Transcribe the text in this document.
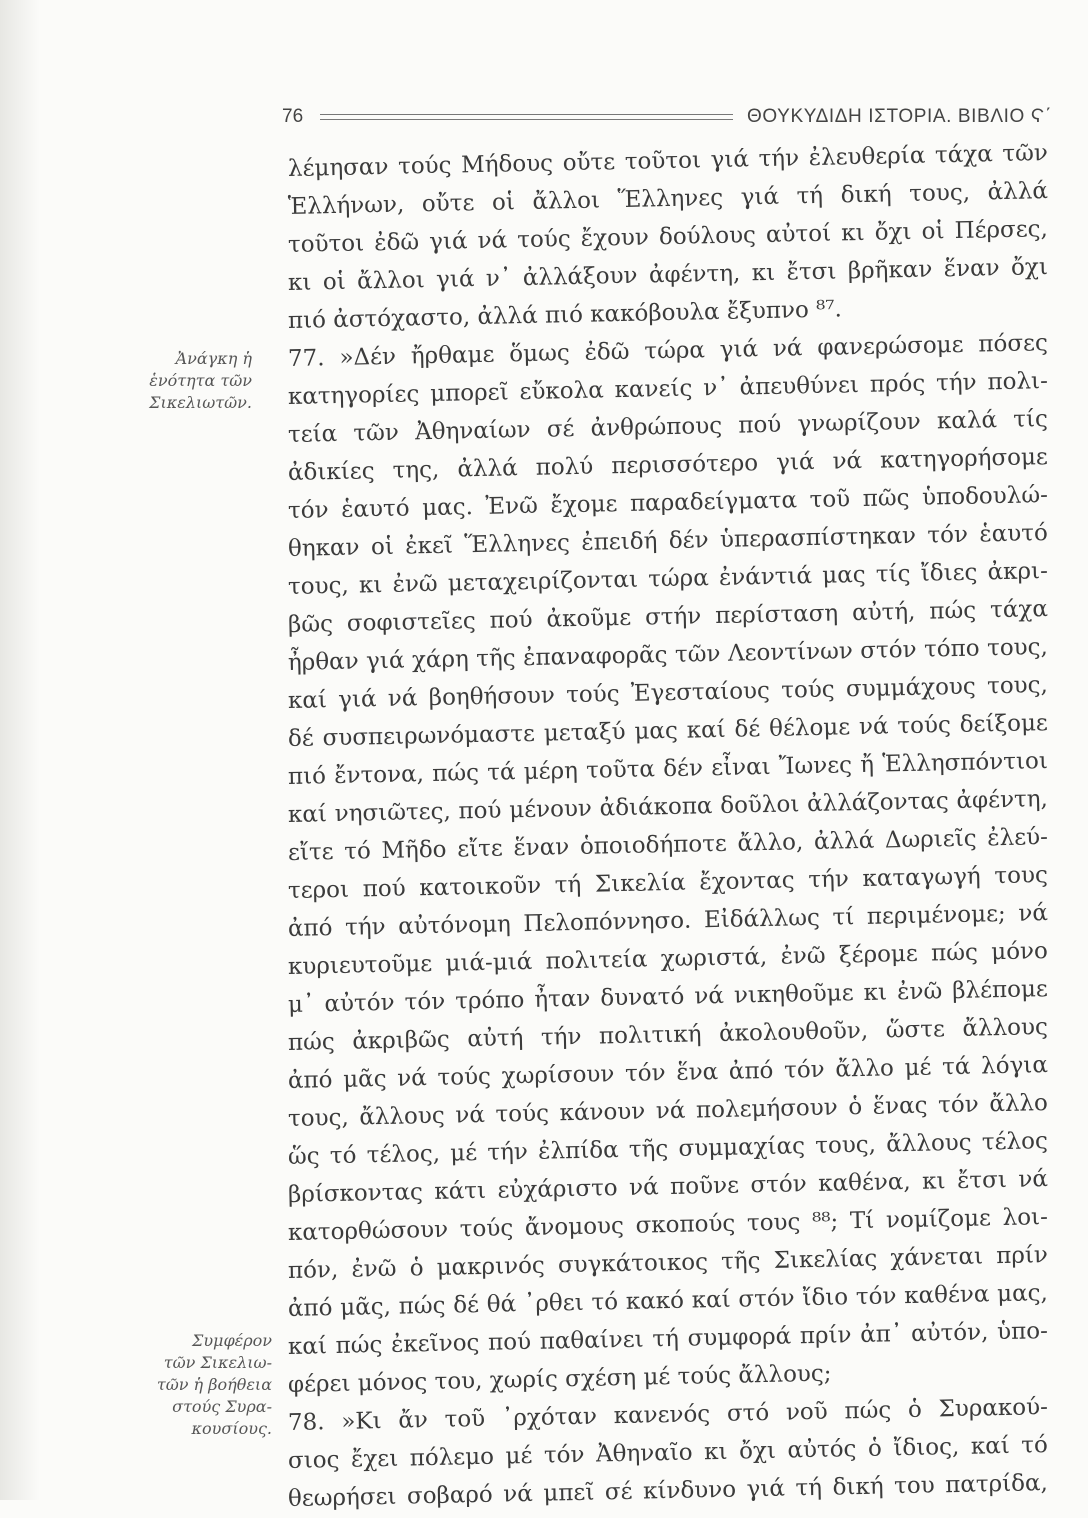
76	ΘΟΥΚΥΔΙΔΗ ΙΣΤΟΡΙΑ. ΒΙΒΛΙΟ Ϛ΄
Ἀνάγκη ἡ
ἑνότητα τῶν
Σικελιωτῶν.
Συμφέρον
τῶν Σικελιω-
τῶν ἡ βοήθεια
στούς Συρα-
κουσίους.
λέμησαν τούς Μήδους οὔτε τοῦτοι γιά τήν ἐλευθερία τάχα τῶν
Ἑλλήνων, οὔτε οἱ ἄλλοι Ἕλληνες γιά τή δική τους, ἀλλά
τοῦτοι ἐδῶ γιά νά τούς ἔχουν δούλους αὐτοί κι ὄχι οἱ Πέρσες,
κι οἱ ἄλλοι γιά ν᾿ ἀλλάξουν ἀφέντη, κι ἔτσι βρῆκαν ἕναν ὄχι
πιό ἀστόχαστο, ἀλλά πιό κακόβουλα ἔξυπνο ⁸⁷.
77. »Δέν ἤρθαμε ὅμως ἐδῶ τώρα γιά νά φανερώσομε πόσες
κατηγορίες μπορεῖ εὔκολα κανείς ν᾿ ἀπευθύνει πρός τήν πολι-
τεία τῶν Ἀθηναίων σέ ἀνθρώπους πού γνωρίζουν καλά τίς
ἀδικίες της, ἀλλά πολύ περισσότερο γιά νά κατηγορήσομε
τόν ἑαυτό μας. Ἐνῶ ἔχομε παραδείγματα τοῦ πῶς ὑποδουλώ-
θηκαν οἱ ἐκεῖ Ἕλληνες ἐπειδή δέν ὑπερασπίστηκαν τόν ἑαυτό
τους, κι ἐνῶ μεταχειρίζονται τώρα ἐνάντιά μας τίς ἴδιες ἀκρι-
βῶς σοφιστεῖες πού ἀκοῦμε στήν περίσταση αὐτή, πώς τάχα
ἦρθαν γιά χάρη τῆς ἐπαναφορᾶς τῶν Λεοντίνων στόν τόπο τους,
καί γιά νά βοηθήσουν τούς Ἐγεσταίους τούς συμμάχους τους,
δέ συσπειρωνόμαστε μεταξύ μας καί δέ θέλομε νά τούς δείξομε
πιό ἔντονα, πώς τά μέρη τοῦτα δέν εἶναι Ἴωνες ἤ Ἑλλησπόντιοι
καί νησιῶτες, πού μένουν ἀδιάκοπα δοῦλοι ἀλλάζοντας ἀφέντη,
εἴτε τό Μῆδο εἴτε ἕναν ὁποιοδήποτε ἄλλο, ἀλλά Δωριεῖς ἐλεύ-
τεροι πού κατοικοῦν τή Σικελία ἔχοντας τήν καταγωγή τους
ἀπό τήν αὐτόνομη Πελοπόννησο. Εἰδάλλως τί περιμένομε; νά
κυριευτοῦμε μιά-μιά πολιτεία χωριστά, ἐνῶ ξέρομε πώς μόνο
μ᾿ αὐτόν τόν τρόπο ἦταν δυνατό νά νικηθοῦμε κι ἐνῶ βλέπομε
πώς ἀκριβῶς αὐτή τήν πολιτική ἀκολουθοῦν, ὥστε ἄλλους
ἀπό μᾶς νά τούς χωρίσουν τόν ἕνα ἀπό τόν ἄλλο μέ τά λόγια
τους, ἄλλους νά τούς κάνουν νά πολεμήσουν ὁ ἕνας τόν ἄλλο
ὥς τό τέλος, μέ τήν ἐλπίδα τῆς συμμαχίας τους, ἄλλους τέλος
βρίσκοντας κάτι εὐχάριστο νά ποῦνε στόν καθένα, κι ἔτσι νά
κατορθώσουν τούς ἄνομους σκοπούς τους ⁸⁸; Τί νομίζομε λοι-
πόν, ἐνῶ ὁ μακρινός συγκάτοικος τῆς Σικελίας χάνεται πρίν
ἀπό μᾶς, πώς δέ θά ᾿ρθει τό κακό καί στόν ἴδιο τόν καθένα μας,
καί πώς ἐκεῖνος πού παθαίνει τή συμφορά πρίν ἀπ᾿ αὐτόν, ὑπο-
φέρει μόνος του, χωρίς σχέση μέ τούς ἄλλους;
78. »Κι ἄν τοῦ ᾿ρχόταν κανενός στό νοῦ πώς ὁ Συρακού-
σιος ἔχει πόλεμο μέ τόν Ἀθηναῖο κι ὄχι αὐτός ὁ ἴδιος, καί τό
θεωρήσει σοβαρό νά μπεῖ σέ κίνδυνο γιά τή δική του πατρίδα,
